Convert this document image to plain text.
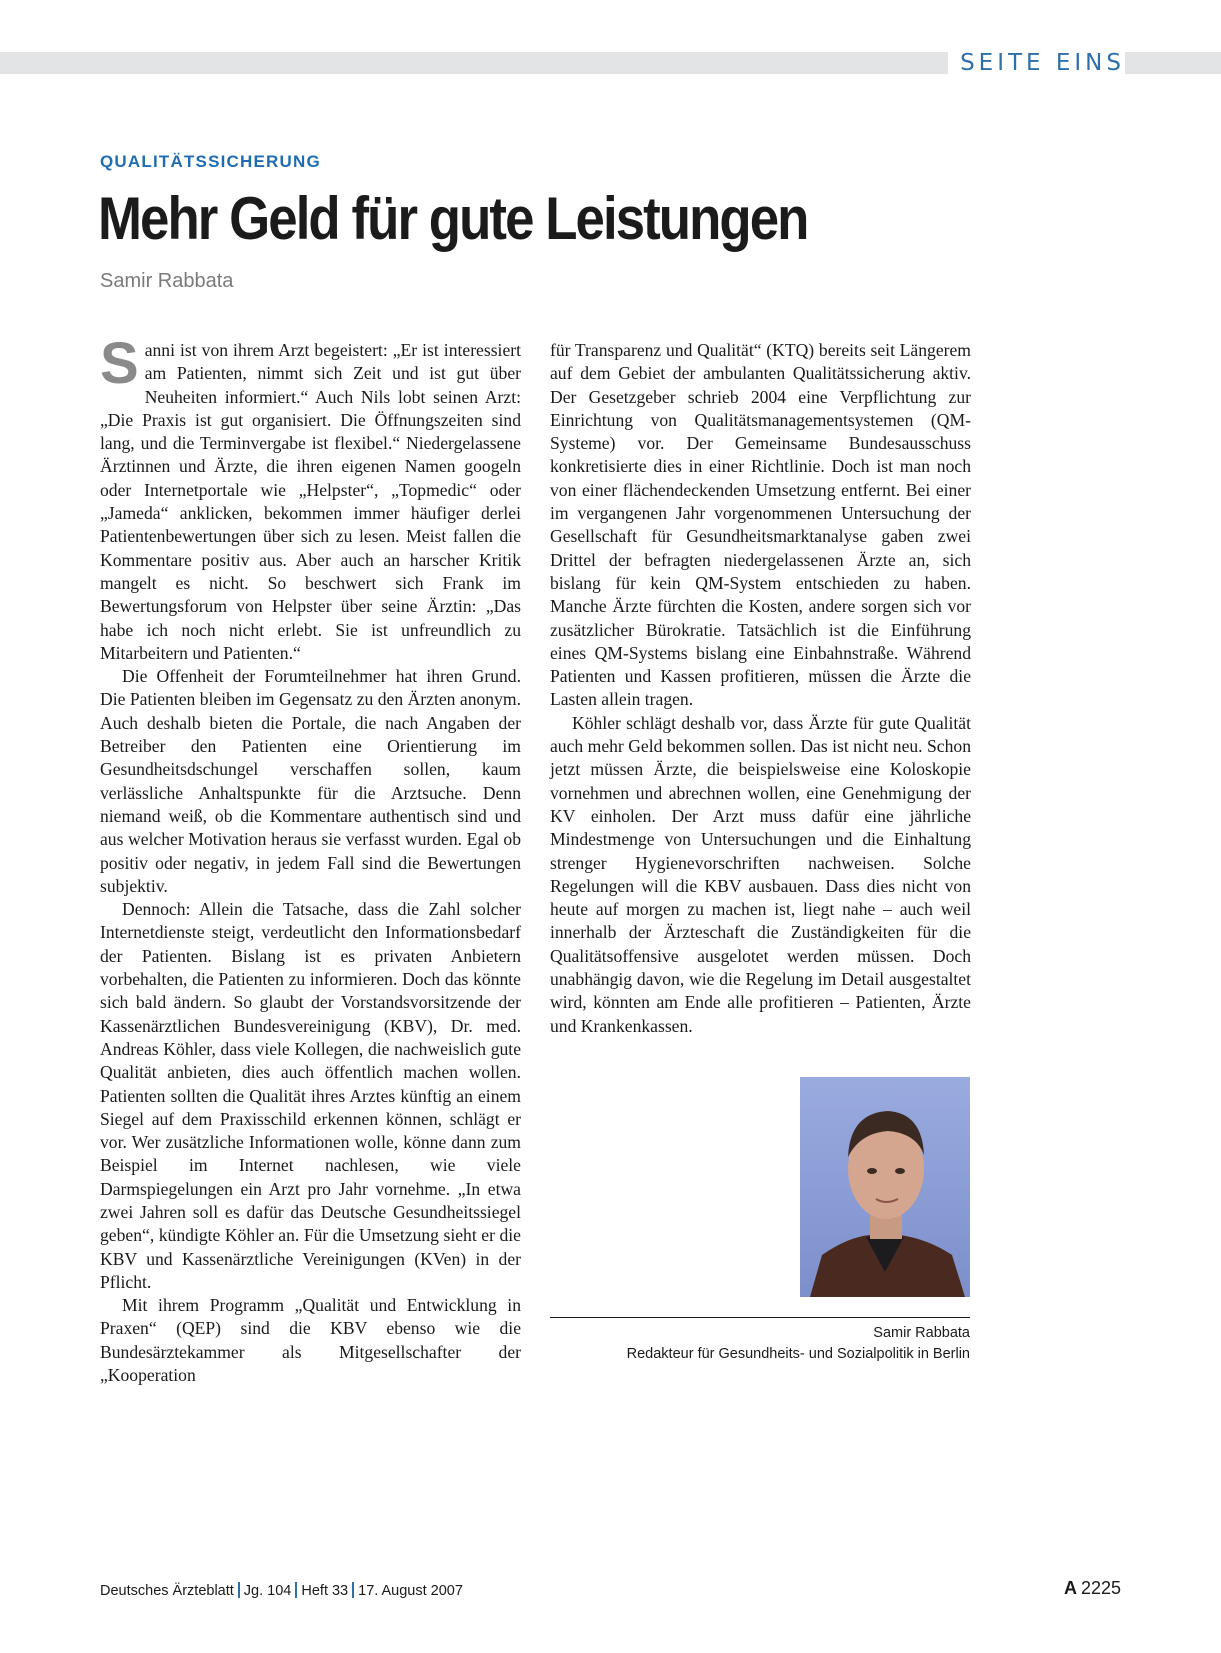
SEITE EINS
QUALITÄTSSICHERUNG
Mehr Geld für gute Leistungen
Samir Rabbata

Sanni ist von ihrem Arzt begeistert: „Er ist interessiert am Patienten, nimmt sich Zeit und ist gut über Neuheiten informiert.“ Auch Nils lobt seinen Arzt: „Die Praxis ist gut organisiert. Die Öffnungszeiten sind lang, und die Terminvergabe ist flexibel.“ Niedergelassene Ärztinnen und Ärzte, die ihren eigenen Namen googeln oder Internetportale wie „Helpster“, „Topmedic“ oder „Jameda“ anklicken, bekommen immer häufiger derlei Patientenbewertungen über sich zu lesen. Meist fallen die Kommentare positiv aus. Aber auch an harscher Kritik mangelt es nicht. So beschwert sich Frank im Bewertungsforum von Helpster über seine Ärztin: „Das habe ich noch nicht erlebt. Sie ist unfreundlich zu Mitarbeitern und Patienten.“

Die Offenheit der Forumteilnehmer hat ihren Grund. Die Patienten bleiben im Gegensatz zu den Ärzten anonym. Auch deshalb bieten die Portale, die nach Angaben der Betreiber den Patienten eine Orientierung im Gesundheitsdschungel verschaffen sollen, kaum verlässliche Anhaltspunkte für die Arztsuche. Denn niemand weiß, ob die Kommentare authentisch sind und aus welcher Motivation heraus sie verfasst wurden. Egal ob positiv oder negativ, in jedem Fall sind die Bewertungen subjektiv.

Dennoch: Allein die Tatsache, dass die Zahl solcher Internetdienste steigt, verdeutlicht den Informationsbedarf der Patienten. Bislang ist es privaten Anbietern vorbehalten, die Patienten zu informieren. Doch das könnte sich bald ändern. So glaubt der Vorstandsvorsitzende der Kassenärztlichen Bundesvereinigung (KBV), Dr. med. Andreas Köhler, dass viele Kollegen, die nachweislich gute Qualität anbieten, dies auch öffentlich machen wollen. Patienten sollten die Qualität ihres Arztes künftig an einem Siegel auf dem Praxisschild erkennen können, schlägt er vor. Wer zusätzliche Informationen wolle, könne dann zum Beispiel im Internet nachlesen, wie viele Darmspiegelungen ein Arzt pro Jahr vornehme. „In etwa zwei Jahren soll es dafür das Deutsche Gesundheitssiegel geben“, kündigte Köhler an. Für die Umsetzung sieht er die KBV und Kassenärztliche Vereinigungen (KVen) in der Pflicht.

Mit ihrem Programm „Qualität und Entwicklung in Praxen“ (QEP) sind die KBV ebenso wie die Bundesärztekammer als Mitgesellschafter der „Kooperation

für Transparenz und Qualität“ (KTQ) bereits seit Längerem auf dem Gebiet der ambulanten Qualitätssicherung aktiv. Der Gesetzgeber schrieb 2004 eine Verpflichtung zur Einrichtung von Qualitätsmanagementsystemen (QM-Systeme) vor. Der Gemeinsame Bundesausschuss konkretisierte dies in einer Richtlinie. Doch ist man noch von einer flächendeckenden Umsetzung entfernt. Bei einer im vergangenen Jahr vorgenommenen Untersuchung der Gesellschaft für Gesundheitsmarktanalyse gaben zwei Drittel der befragten niedergelassenen Ärzte an, sich bislang für kein QM-System entschieden zu haben. Manche Ärzte fürchten die Kosten, andere sorgen sich vor zusätzlicher Bürokratie. Tatsächlich ist die Einführung eines QM-Systems bislang eine Einbahnstraße. Während Patienten und Kassen profitieren, müssen die Ärzte die Lasten allein tragen.

Köhler schlägt deshalb vor, dass Ärzte für gute Qualität auch mehr Geld bekommen sollen. Das ist nicht neu. Schon jetzt müssen Ärzte, die beispielsweise eine Koloskopie vornehmen und abrechnen wollen, eine Genehmigung der KV einholen. Der Arzt muss dafür eine jährliche Mindestmenge von Untersuchungen und die Einhaltung strenger Hygienevorschriften nachweisen. Solche Regelungen will die KBV ausbauen. Dass dies nicht von heute auf morgen zu machen ist, liegt nahe – auch weil innerhalb der Ärzteschaft die Zuständigkeiten für die Qualitätsoffensive ausgelotet werden müssen. Doch unabhängig davon, wie die Regelung im Detail ausgestaltet wird, könnten am Ende alle profitieren – Patienten, Ärzte und Krankenkassen.

Samir Rabbata
Redakteur für Gesundheits- und Sozialpolitik in Berlin
Deutsches Ärzteblatt Jg. 104 Heft 33 17. August 2007	A 2225
